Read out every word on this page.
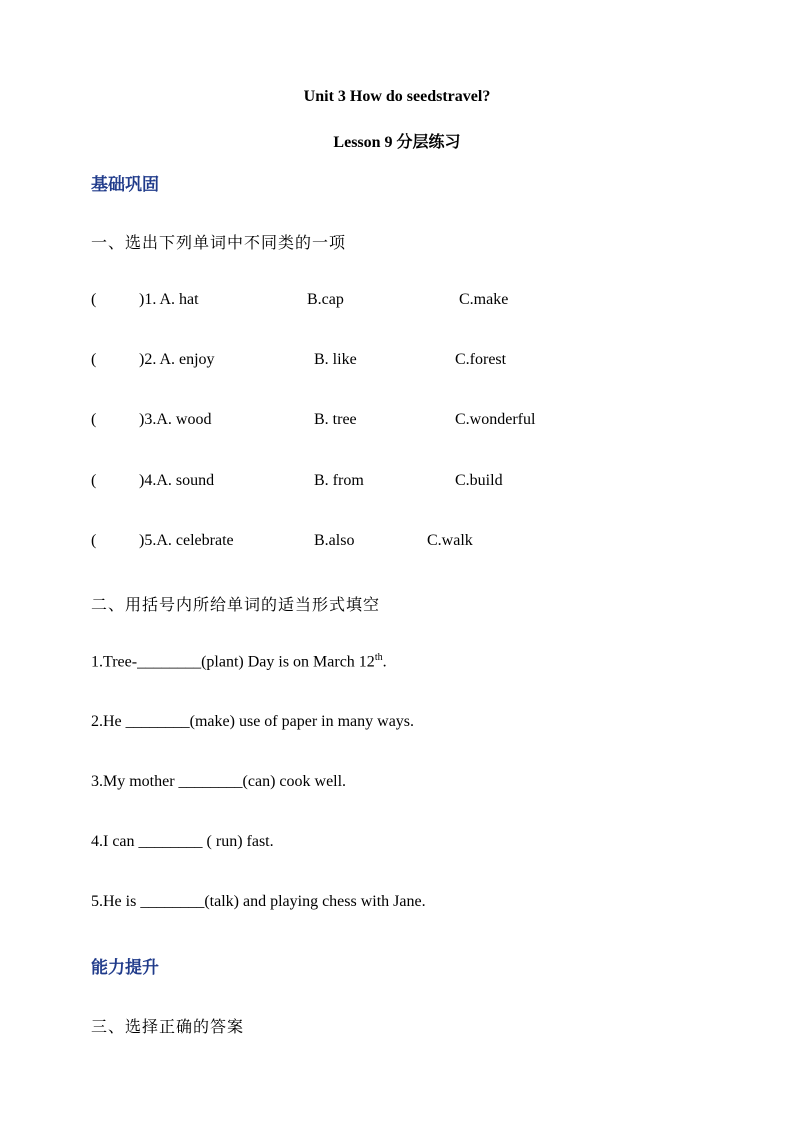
Unit 3 How do seedstravel?
Lesson 9 分层练习
基础巩固
一、选出下列单词中不同类的一项
(	)1. A. hat	B.cap	C.make
(	)2. A. enjoy	B. like	C.forest
(	)3.A. wood	B. tree	C.wonderful
(	)4.A. sound	B. from	C.build
(	)5.A. celebrate	B.also	C.walk
二、用括号内所给单词的适当形式填空
1.Tree-________(plant) Day is on March 12th.
2.He ________(make) use of paper in many ways.
3.My mother ________(can) cook well.
4.I can ________ ( run) fast.
5.He is ________(talk) and playing chess with Jane.
能力提升
三、选择正确的答案
